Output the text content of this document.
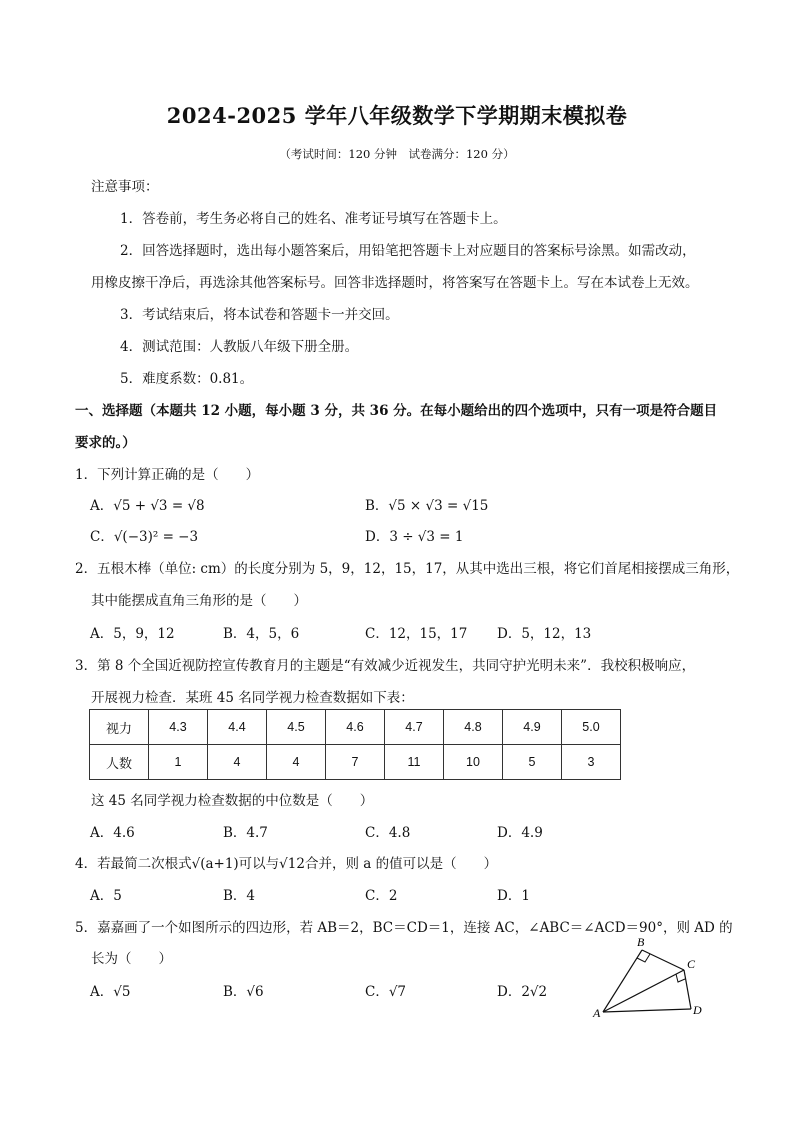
2024-2025 学年八年级数学下学期期末模拟卷
（考试时间：120 分钟　试卷满分：120 分）
注意事项：
1．答卷前，考生务必将自己的姓名、准考证号填写在答题卡上。
2．回答选择题时，选出每小题答案后，用铅笔把答题卡上对应题目的答案标号涂黑。如需改动，
用橡皮擦干净后，再选涂其他答案标号。回答非选择题时，将答案写在答题卡上。写在本试卷上无效。
3．考试结束后，将本试卷和答题卡一并交回。
4．测试范围：人教版八年级下册全册。
5．难度系数：0.81。
一、选择题（本题共 12 小题，每小题 3 分，共 36 分。在每小题给出的四个选项中，只有一项是符合题目
要求的。）
1．下列计算正确的是（　　）
A．√5 + √3 = √8	B．√5 × √3 = √15
C．√(−3)² = −3	D．3 ÷ √3 = 1
2．五根木棒（单位: cm）的长度分别为 5，9，12，15，17，从其中选出三根，将它们首尾相接摆成三角形，
其中能摆成直角三角形的是（　　）
A．5，9，12	B．4，5，6	C．12，15，17 D．5，12，13
3．第 8 个全国近视防控宣传教育月的主题是“有效减少近视发生，共同守护光明未来”．我校积极响应，
开展视力检查．某班 45 名同学视力检查数据如下表：
视力	4.3	4.4	4.5	4.6	4.7	4.8	4.9	5.0
人数	1	4	4	7	11	10	5	3
这 45 名同学视力检查数据的中位数是（　　）
A．4.6	B．4.7	C．4.8	D．4.9
4．若最简二次根式√(a+1)可以与√12合并，则 a 的值可以是（　　）
A．5	B．4	C．2	D．1
5．嘉嘉画了一个如图所示的四边形，若 AB＝2，BC＝CD＝1，连接 AC，∠ABC＝∠ACD＝90°，则 AD 的
长为（　　）
A．√5	B．√6	C．√7	D．2√2
A
B
C
D
